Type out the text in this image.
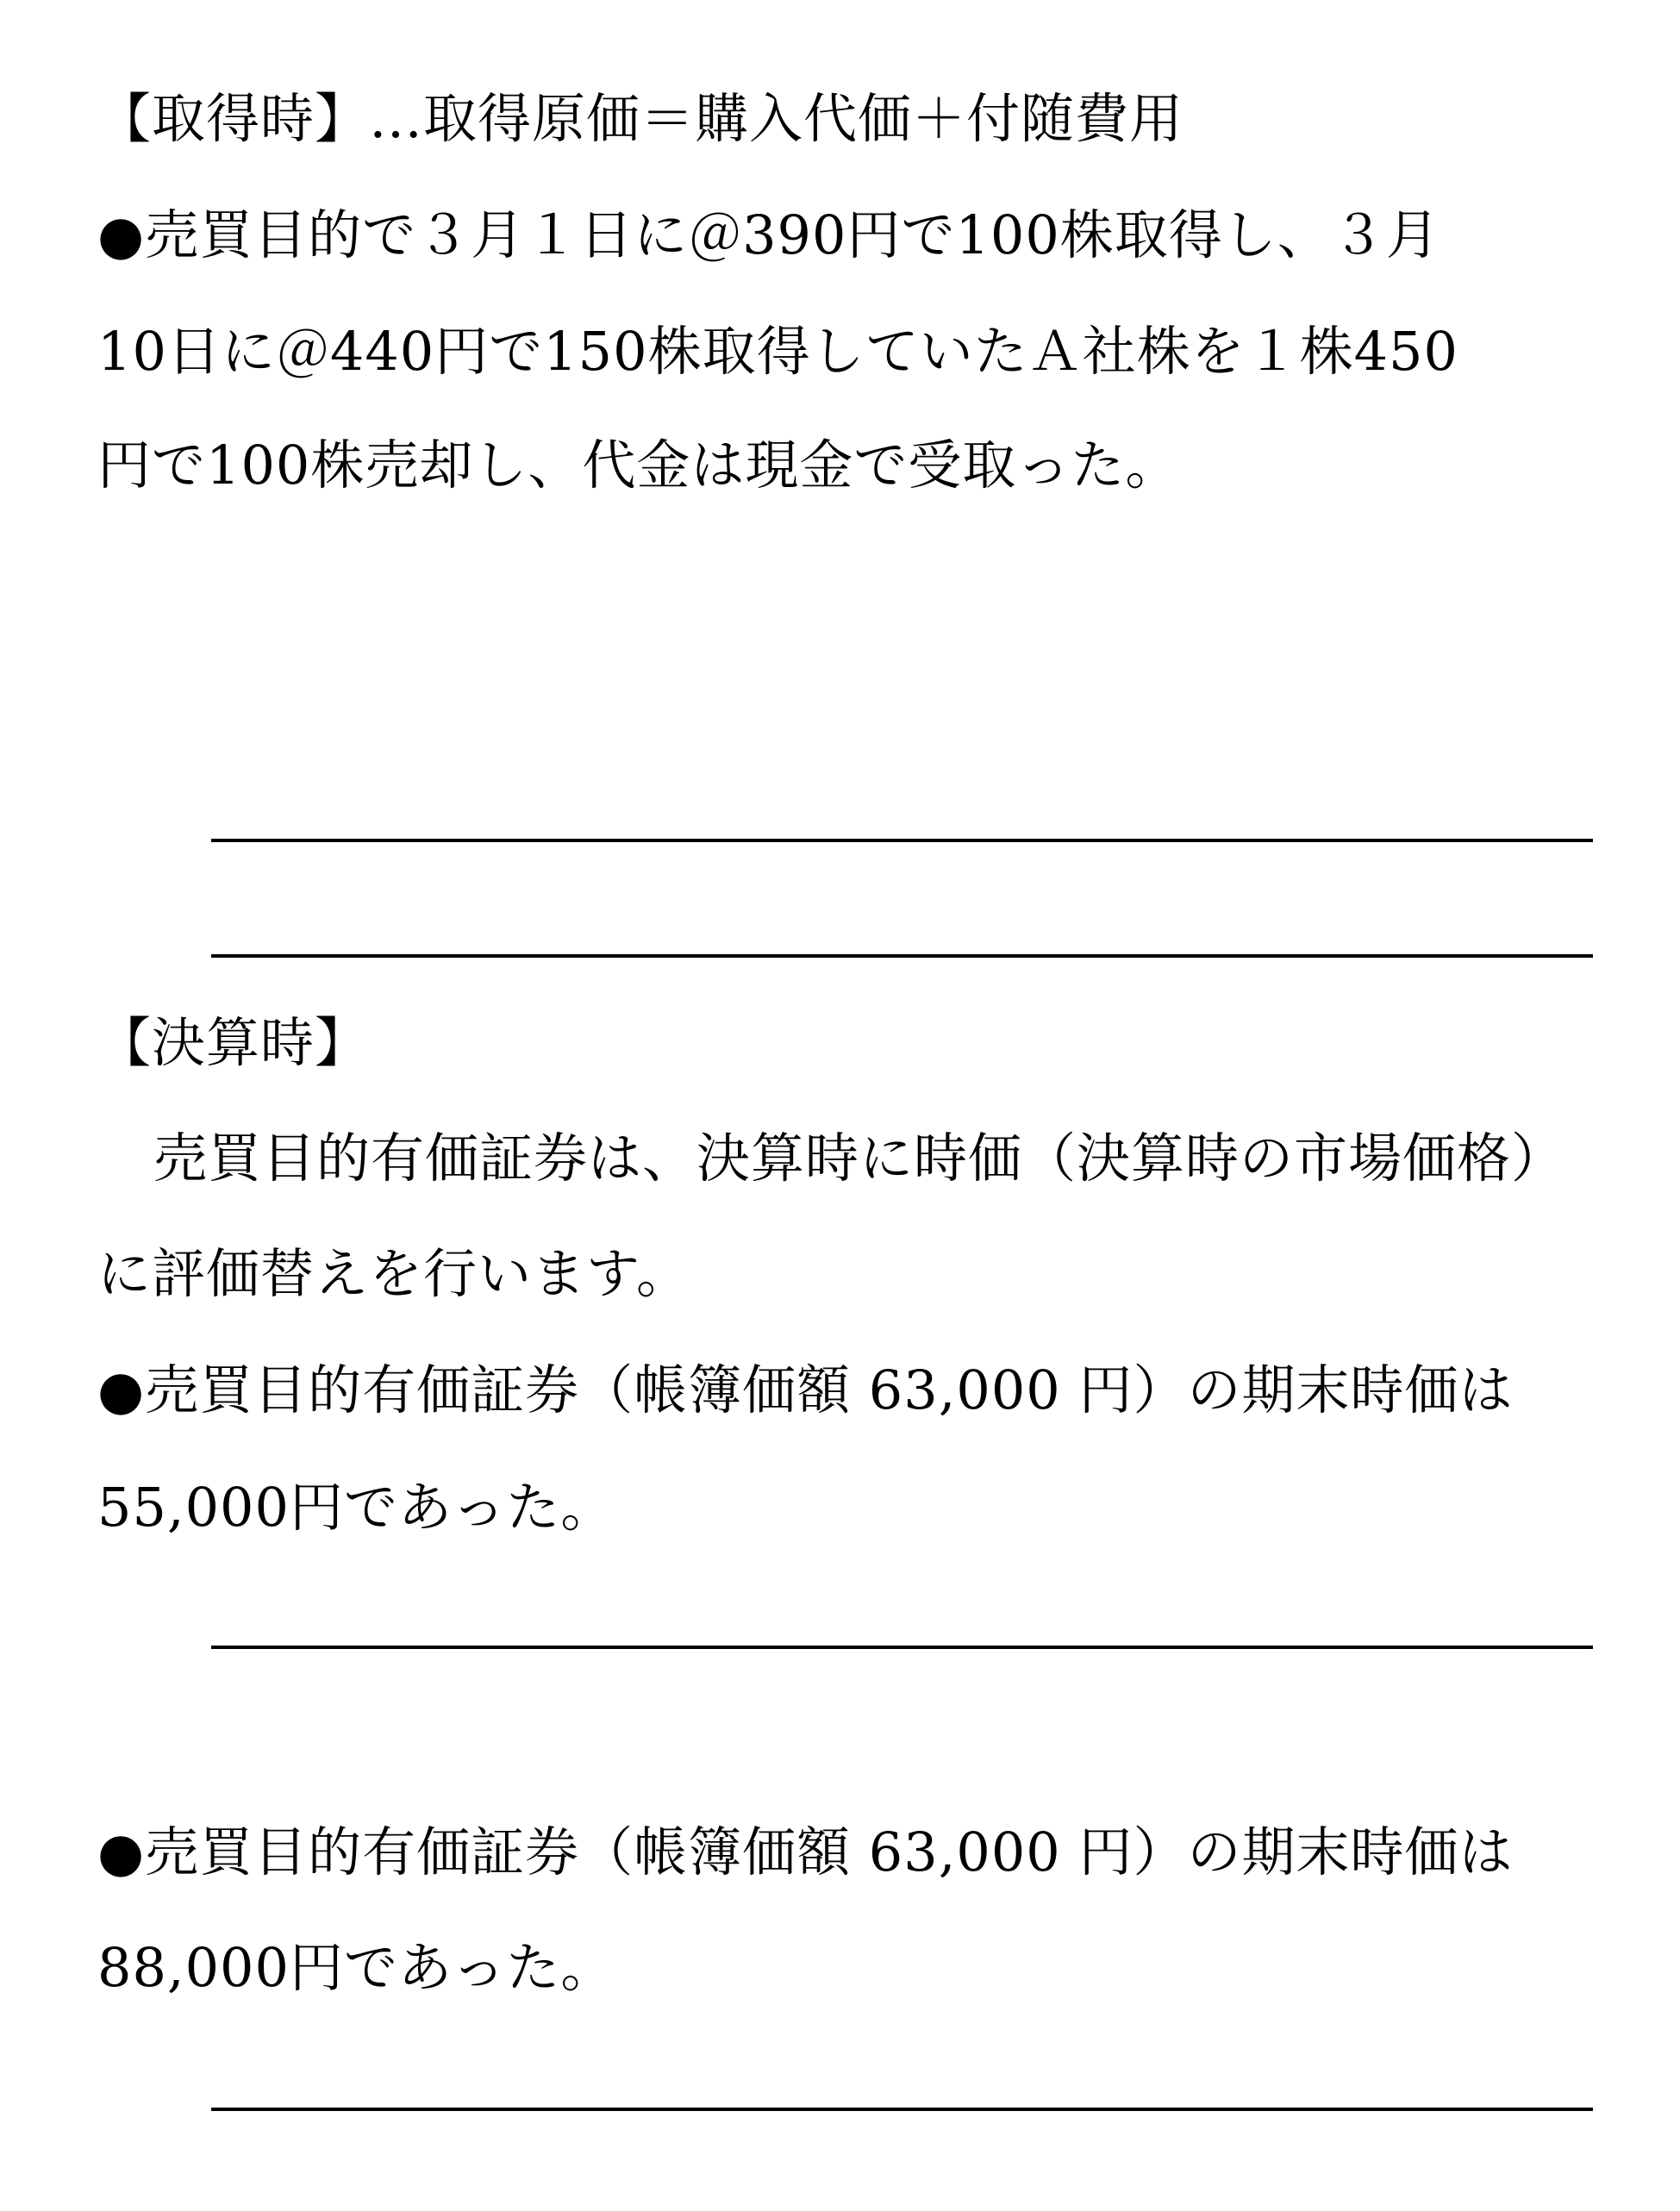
【取得時】…取得原価＝購入代価＋付随費用
●売買目的で３月１日に＠390円で100株取得し、３月
10日に＠440円で150株取得していたＡ社株を１株450
円で100株売却し、代金は現金で受取った。
【決算時】
売買目的有価証券は、決算時に時価（決算時の市場価格）
に評価替えを行います。
●売買目的有価証券（帳簿価額 63,000 円）の期末時価は
55,000円であった。
●売買目的有価証券（帳簿価額 63,000 円）の期末時価は
88,000円であった。
